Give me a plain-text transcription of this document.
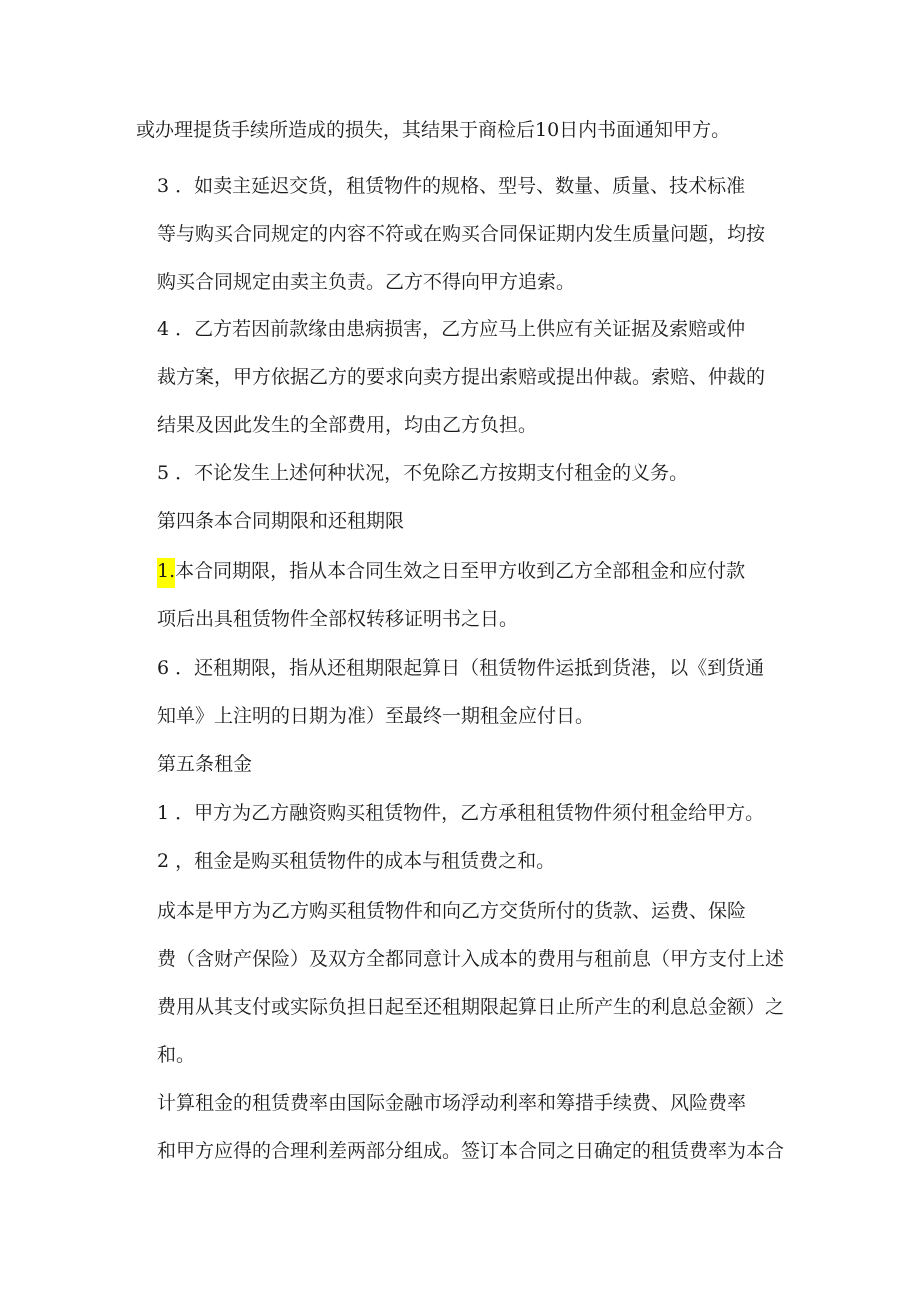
或办理提货手续所造成的损失，其结果于商检后10日内书面通知甲方。

3 ．如卖主延迟交货，租赁物件的规格、型号、数量、质量、技术标准
等与购买合同规定的内容不符或在购买合同保证期内发生质量问题，均按
购买合同规定由卖主负责。乙方不得向甲方追索。

4 ．乙方若因前款缘由患病损害，乙方应马上供应有关证据及索赔或仲
裁方案，甲方依据乙方的要求向卖方提出索赔或提出仲裁。索赔、仲裁的
结果及因此发生的全部费用，均由乙方负担。

5 ．不论发生上述何种状况，不免除乙方按期支付租金的义务。

第四条本合同期限和还租期限

1.本合同期限，指从本合同生效之日至甲方收到乙方全部租金和应付款
项后出具租赁物件全部权转移证明书之日。

6 ．还租期限，指从还租期限起算日（租赁物件运抵到货港，以《到货通
知单》上注明的日期为准）至最终一期租金应付日。

第五条租金

1 ．甲方为乙方融资购买租赁物件，乙方承租租赁物件须付租金给甲方。

2 ，租金是购买租赁物件的成本与租赁费之和。

成本是甲方为乙方购买租赁物件和向乙方交货所付的货款、运费、保险
费（含财产保险）及双方全都同意计入成本的费用与租前息（甲方支付上述
费用从其支付或实际负担日起至还租期限起算日止所产生的利息总金额）之
和。

计算租金的租赁费率由国际金融市场浮动利率和筹措手续费、风险费率
和甲方应得的合理利差两部分组成。签订本合同之日确定的租赁费率为本合
